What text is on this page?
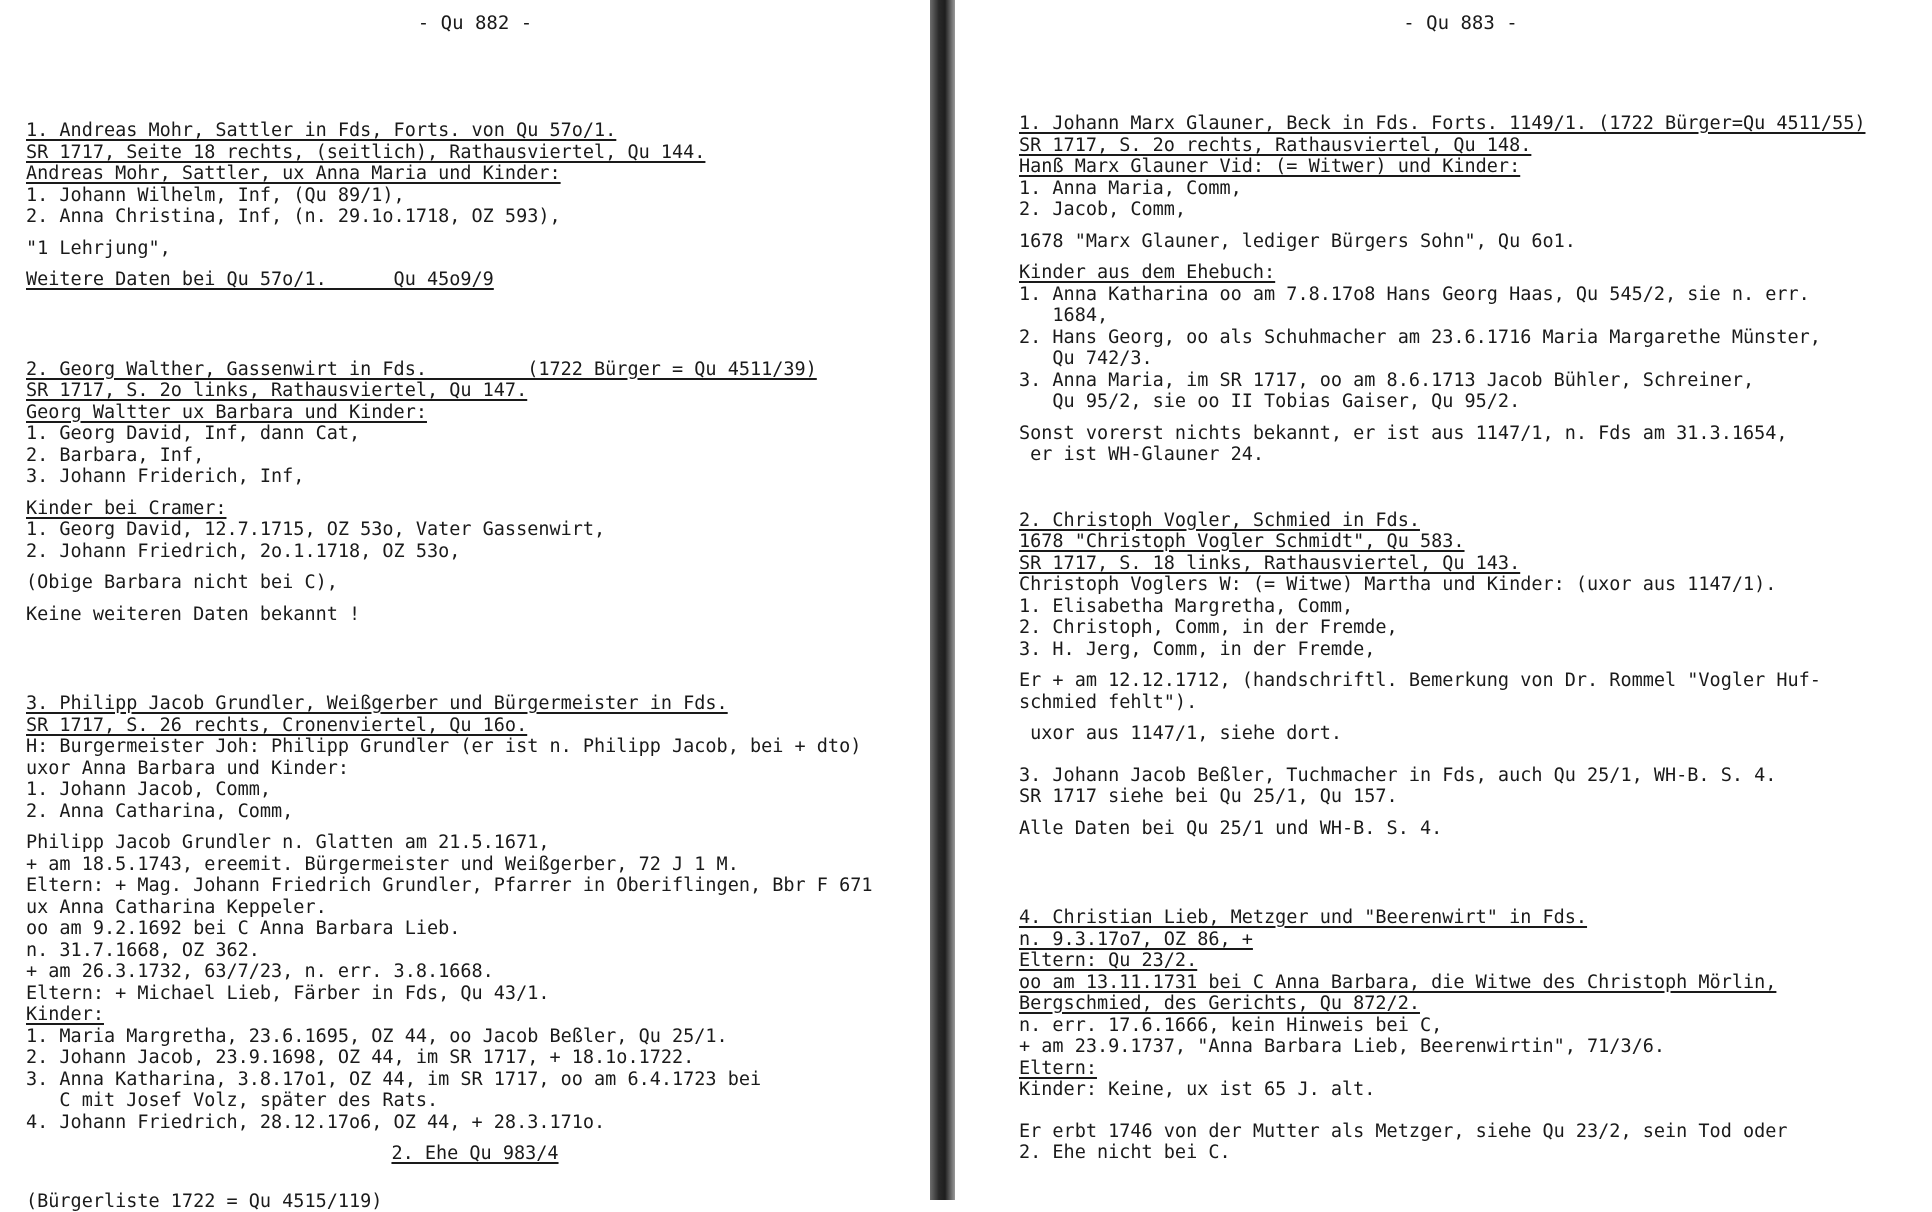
- Qu 882 -
1. Andreas Mohr, Sattler in Fds, Forts. von Qu 57o/1.
SR 1717, Seite 18 rechts, (seitlich), Rathausviertel, Qu 144.
Andreas Mohr, Sattler, ux Anna Maria und Kinder:
1. Johann Wilhelm, Inf, (Qu 89/1),
2. Anna Christina, Inf, (n. 29.1o.1718, OZ 593),
"1 Lehrjung",
Weitere Daten bei Qu 57o/1.      Qu 45o9/9
2. Georg Walther, Gassenwirt in Fds.         (1722 Bürger = Qu 4511/39)
SR 1717, S. 2o links, Rathausviertel, Qu 147.
Georg Waltter ux Barbara und Kinder:
1. Georg David, Inf, dann Cat,
2. Barbara, Inf,
3. Johann Friderich, Inf,
Kinder bei Cramer:
1. Georg David, 12.7.1715, OZ 53o, Vater Gassenwirt,
2. Johann Friedrich, 2o.1.1718, OZ 53o,
(Obige Barbara nicht bei C),
Keine weiteren Daten bekannt !
3. Philipp Jacob Grundler, Weißgerber und Bürgermeister in Fds.
SR 1717, S. 26 rechts, Cronenviertel, Qu 16o.
H: Burgermeister Joh: Philipp Grundler (er ist n. Philipp Jacob, bei + dto)
uxor Anna Barbara und Kinder:
1. Johann Jacob, Comm,
2. Anna Catharina, Comm,
Philipp Jacob Grundler n. Glatten am 21.5.1671,
+ am 18.5.1743, ereemit. Bürgermeister und Weißgerber, 72 J 1 M.
Eltern: + Mag. Johann Friedrich Grundler, Pfarrer in Oberiflingen, Bbr F 671
ux Anna Catharina Keppeler.
oo am 9.2.1692 bei C Anna Barbara Lieb.
n. 31.7.1668, OZ 362.
+ am 26.3.1732, 63/7/23, n. err. 3.8.1668.
Eltern: + Michael Lieb, Färber in Fds, Qu 43/1.
Kinder:
1. Maria Margretha, 23.6.1695, OZ 44, oo Jacob Beßler, Qu 25/1.
2. Johann Jacob, 23.9.1698, OZ 44, im SR 1717, + 18.1o.1722.
3. Anna Katharina, 3.8.17o1, OZ 44, im SR 1717, oo am 6.4.1723 bei
C mit Josef Volz, später des Rats.
4. Johann Friedrich, 28.12.17o6, OZ 44, + 28.3.171o.
2. Ehe Qu 983/4
(Bürgerliste 1722 = Qu 4515/119)
- Qu 883 -
1. Johann Marx Glauner, Beck in Fds. Forts. 1149/1. (1722 Bürger=Qu 4511/55)
SR 1717, S. 2o rechts, Rathausviertel, Qu 148.
Hanß Marx Glauner Vid: (= Witwer) und Kinder:
1. Anna Maria, Comm,
2. Jacob, Comm,
1678 "Marx Glauner, lediger Bürgers Sohn", Qu 6o1.
Kinder aus dem Ehebuch:
1. Anna Katharina oo am 7.8.17o8 Hans Georg Haas, Qu 545/2, sie n. err.
1684,
2. Hans Georg, oo als Schuhmacher am 23.6.1716 Maria Margarethe Münster,
Qu 742/3.
3. Anna Maria, im SR 1717, oo am 8.6.1713 Jacob Bühler, Schreiner,
Qu 95/2, sie oo II Tobias Gaiser, Qu 95/2.
Sonst vorerst nichts bekannt, er ist aus 1147/1, n. Fds am 31.3.1654,
er ist WH-Glauner 24.
2. Christoph Vogler, Schmied in Fds.
1678 "Christoph Vogler Schmidt", Qu 583.
SR 1717, S. 18 links, Rathausviertel, Qu 143.
Christoph Voglers W: (= Witwe) Martha und Kinder: (uxor aus 1147/1).
1. Elisabetha Margretha, Comm,
2. Christoph, Comm, in der Fremde,
3. H. Jerg, Comm, in der Fremde,
Er + am 12.12.1712, (handschriftl. Bemerkung von Dr. Rommel "Vogler Huf-
schmied fehlt").
uxor aus 1147/1, siehe dort.
3. Johann Jacob Beßler, Tuchmacher in Fds, auch Qu 25/1, WH-B. S. 4.
SR 1717 siehe bei Qu 25/1, Qu 157.
Alle Daten bei Qu 25/1 und WH-B. S. 4.
4. Christian Lieb, Metzger und "Beerenwirt" in Fds.
n. 9.3.17o7, OZ 86, +
Eltern: Qu 23/2.
oo am 13.11.1731 bei C Anna Barbara, die Witwe des Christoph Mörlin,
Bergschmied, des Gerichts, Qu 872/2.
n. err. 17.6.1666, kein Hinweis bei C,
+ am 23.9.1737, "Anna Barbara Lieb, Beerenwirtin", 71/3/6.
Eltern:
Kinder: Keine, ux ist 65 J. alt.
Er erbt 1746 von der Mutter als Metzger, siehe Qu 23/2, sein Tod oder
2. Ehe nicht bei C.
